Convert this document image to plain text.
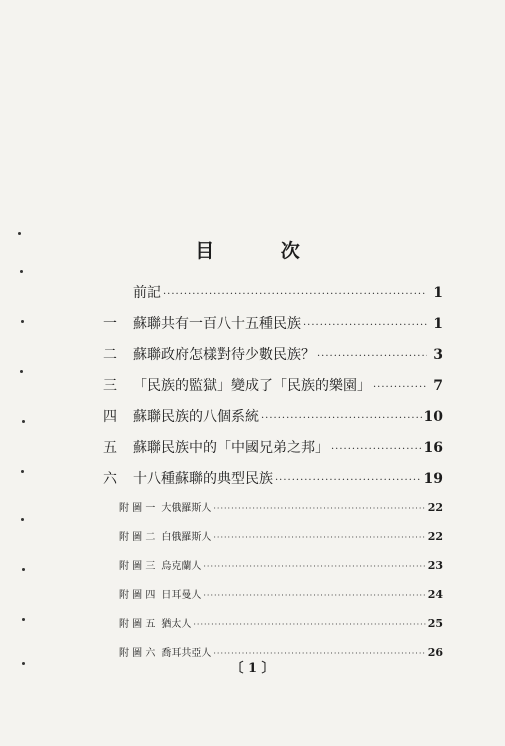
目 次
前記 ·····	1
一	蘇聯共有一百八十五種民族 ·····	1
二	蘇聯政府怎樣對待少數民族？ ·····	3
三	「民族的監獄」變成了「民族的樂園」 ·····	7
四	蘇聯民族的八個系統 ·····	10
五	蘇聯民族中的「中國兄弟之邦」 ·····	16
六	十八種蘇聯的典型民族 ·····	19
附 圖 一 大俄羅斯人 ·····	22
附 圖 二 白俄羅斯人 ·····	22
附 圖 三 烏克蘭人 ·····	23
附 圖 四 日耳曼人 ·····	24
附 圖 五 猶太人 ·····	25
附 圖 六 喬耳共亞人 ·····	26
〔 1 〕
